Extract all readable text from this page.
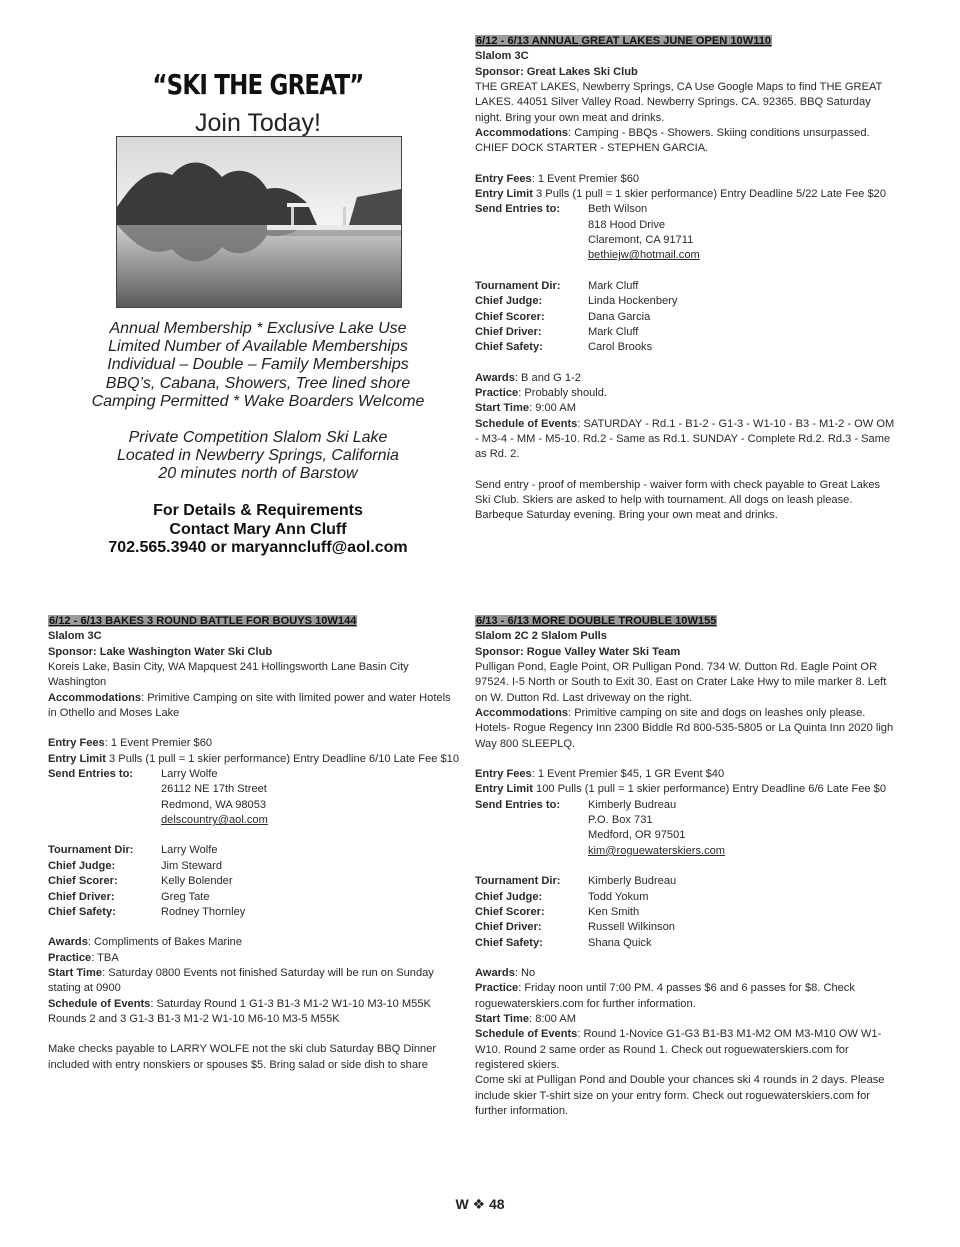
“SKI THE GREAT”
Join Today!
Annual Membership * Exclusive Lake Use
Limited Number of Available Memberships
Individual – Double – Family Memberships
BBQ’s, Cabana, Showers, Tree lined shore
Camping Permitted * Wake Boarders Welcome
Private Competition Slalom Ski Lake
Located in Newberry Springs, California
20 minutes north of Barstow
For Details & Requirements
Contact Mary Ann Cluff
702.565.3940 or maryanncluff@aol.com

6/12 - 6/13 ANNUAL GREAT LAKES JUNE OPEN 10W110

Slalom 3C

Sponsor: Great Lakes Ski Club

THE GREAT LAKES, Newberry Springs, CA Use Google Maps to find THE GREAT LAKES. 44051 Silver Valley Road. Newberry Springs. CA. 92365. BBQ Saturday night. Bring your own meat and drinks.

Accommodations: Camping - BBQs - Showers. Skiing conditions unsurpassed. CHIEF DOCK STARTER - STEPHEN GARCIA.

Entry Fees: 1 Event Premier $60

Entry Limit 3 Pulls (1 pull = 1 skier performance) Entry Deadline 5/22 Late Fee $20

Send Entries to:	Beth Wilson
818 Hood Drive
Claremont, CA 91711
bethiejw@hotmail.com
Tournament Dir:	Mark Cluff
Chief Judge:	Linda Hockenbery
Chief Scorer:	Dana Garcia
Chief Driver:	Mark Cluff
Chief Safety:	Carol Brooks

Awards: B and G 1-2

Practice: Probably should.

Start Time: 9:00 AM

Schedule of Events: SATURDAY - Rd.1 - B1-2 - G1-3 - W1-10 - B3 - M1-2 - OW OM - M3-4 - MM - M5-10. Rd.2 - Same as Rd.1. SUNDAY - Complete Rd.2. Rd.3 - Same as Rd. 2.

Send entry - proof of membership - waiver form with check payable to Great Lakes Ski Club. Skiers are asked to help with tournament. All dogs on leash please. Barbeque Saturday evening. Bring your own meat and drinks.

6/12 - 6/13 BAKES 3 ROUND BATTLE FOR BOUYS 10W144

Slalom 3C

Sponsor: Lake Washington Water Ski Club

Koreis Lake, Basin City, WA Mapquest 241 Hollingsworth Lane Basin City Washington

Accommodations: Primitive Camping on site with limited power and water Hotels in Othello and Moses Lake

Entry Fees: 1 Event Premier $60

Entry Limit 3 Pulls (1 pull = 1 skier performance) Entry Deadline 6/10 Late Fee $10

Send Entries to:	Larry Wolfe
26112 NE 17th Street
Redmond, WA 98053
delscountry@aol.com
Tournament Dir:	Larry Wolfe
Chief Judge:	Jim Steward
Chief Scorer:	Kelly Bolender
Chief Driver:	Greg Tate
Chief Safety:	Rodney Thornley

Awards: Compliments of Bakes Marine

Practice: TBA

Start Time: Saturday 0800 Events not finished Saturday will be run on Sunday stating at 0900

Schedule of Events: Saturday Round 1 G1-3 B1-3 M1-2 W1-10 M3-10 M55K Rounds 2 and 3 G1-3 B1-3 M1-2 W1-10 M6-10 M3-5 M55K

Make checks payable to LARRY WOLFE not the ski club Saturday BBQ Dinner included with entry nonskiers or spouses $5. Bring salad or side dish to share

6/13 - 6/13 MORE DOUBLE TROUBLE 10W155

Slalom 2C 2 Slalom Pulls

Sponsor: Rogue Valley Water Ski Team

Pulligan Pond, Eagle Point, OR Pulligan Pond. 734 W. Dutton Rd. Eagle Point OR 97524. I-5 North or South to Exit 30. East on Crater Lake Hwy to mile marker 8. Left on W. Dutton Rd. Last driveway on the right.

Accommodations: Primitive camping on site and dogs on leashes only please. Hotels- Rogue Regency Inn 2300 Biddle Rd 800-535-5805 or La Quinta Inn 2020 ligh Way 800 SLEEPLQ.

Entry Fees: 1 Event Premier $45, 1 GR Event $40

Entry Limit 100 Pulls (1 pull = 1 skier performance) Entry Deadline 6/6 Late Fee $0

Send Entries to:	Kimberly Budreau
P.O. Box 731
Medford, OR 97501
kim@roguewaterskiers.com
Tournament Dir:	Kimberly Budreau
Chief Judge:	Todd Yokum
Chief Scorer:	Ken Smith
Chief Driver:	Russell Wilkinson
Chief Safety:	Shana Quick

Awards: No

Practice: Friday noon until 7:00 PM. 4 passes $6 and 6 passes for $8. Check roguewaterskiers.com for further information.

Start Time: 8:00 AM

Schedule of Events: Round 1-Novice G1-G3 B1-B3 M1-M2 OM M3-M10 OW W1-W10. Round 2 same order as Round 1. Check out roguewaterskiers.com for registered skiers.

Come ski at Pulligan Pond and Double your chances ski 4 rounds in 2 days. Please include skier T-shirt size on your entry form. Check out roguewaterskiers.com for further information.

W ❖ 48
